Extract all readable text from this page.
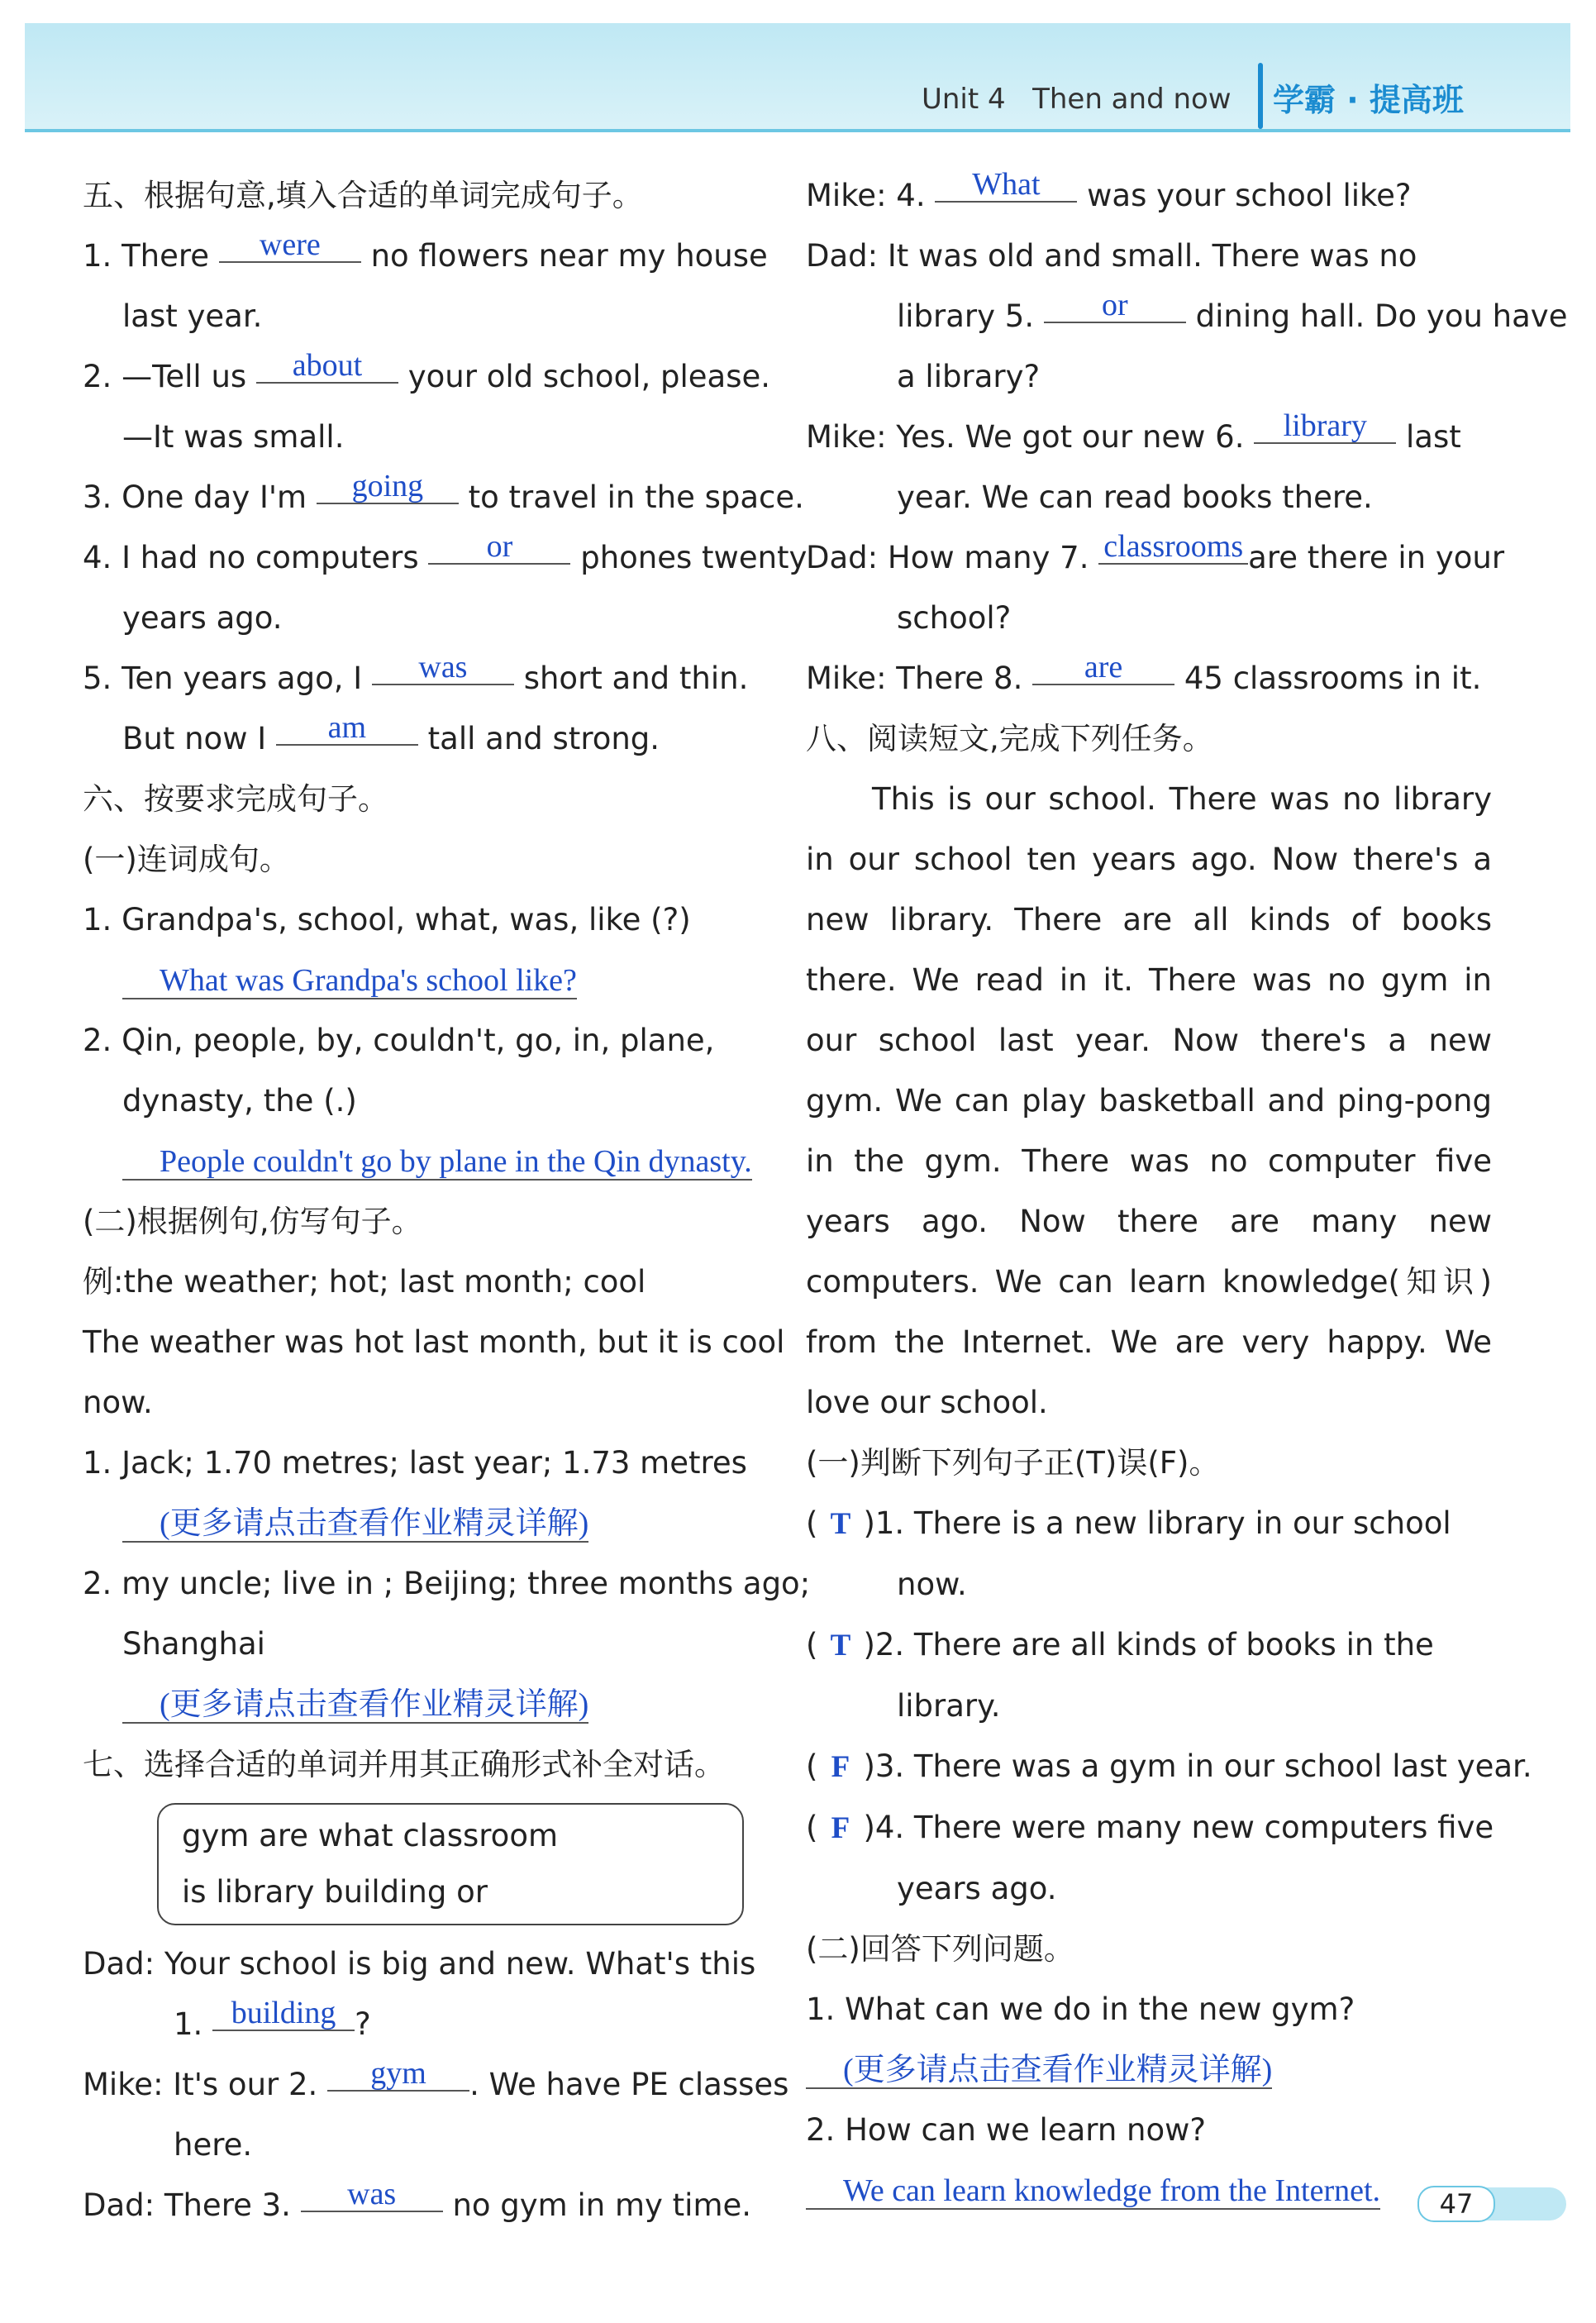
Unit 4 Then and now 学霸 · 提高班
五、根据句意,填入合适的单词完成句子。
1. There were no flowers near my house
last year.
2. —Tell us about your old school, please.
—It was small.
3. One day I'm going to travel in the space.
4. I had no computers or phones twenty
years ago.
5. Ten years ago, I was short and thin.
But now I am tall and strong.
六、按要求完成句子。
(一)连词成句。
1. Grandpa's, school, what, was, like (?)
What was Grandpa's school like?
2. Qin, people, by, couldn't, go, in, plane,
dynasty, the (.)
People couldn't go by plane in the Qin dynasty.
(二)根据例句,仿写句子。
例:the weather; hot; last month; cool
The weather was hot last month, but it is cool
now.
1. Jack; 1.70 metres; last year; 1.73 metres
(更多请点击查看作业精灵详解)
2. my uncle; live in ; Beijing; three months ago;
Shanghai
(更多请点击查看作业精灵详解)
七、选择合适的单词并用其正确形式补全对话。
gym are what classroom
is library building or
Dad: Your school is big and new. What's this
1. building ?
Mike: It's our 2. gym . We have PE classes
here.
Dad: There 3. was no gym in my time.
Mike: 4. What was your school like?
Dad: It was old and small. There was no
library 5. or dining hall. Do you have
a library?
Mike: Yes. We got our new 6. library last
year. We can read books there.
Dad: How many 7. classrooms are there in your
school?
Mike: There 8. are 45 classrooms in it.
八、阅读短文,完成下列任务。
This is our school. There was no library in our school ten years ago. Now there's a new library. There are all kinds of books there. We read in it. There was no gym in our school last year. Now there's a new gym. We can play basketball and ping-pong in the gym. There was no computer five years ago. Now there are many new computers. We can learn knowledge(知识) from the Internet. We are very happy. We love our school.
(一)判断下列句子正(T)误(F)。
( T )1. There is a new library in our school
now.
( T )2. There are all kinds of books in the
library.
( F )3. There was a gym in our school last year.
( F )4. There were many new computers five
years ago.
(二)回答下列问题。
1. What can we do in the new gym?
(更多请点击查看作业精灵详解)
2. How can we learn now?
We can learn knowledge from the Internet.	47
